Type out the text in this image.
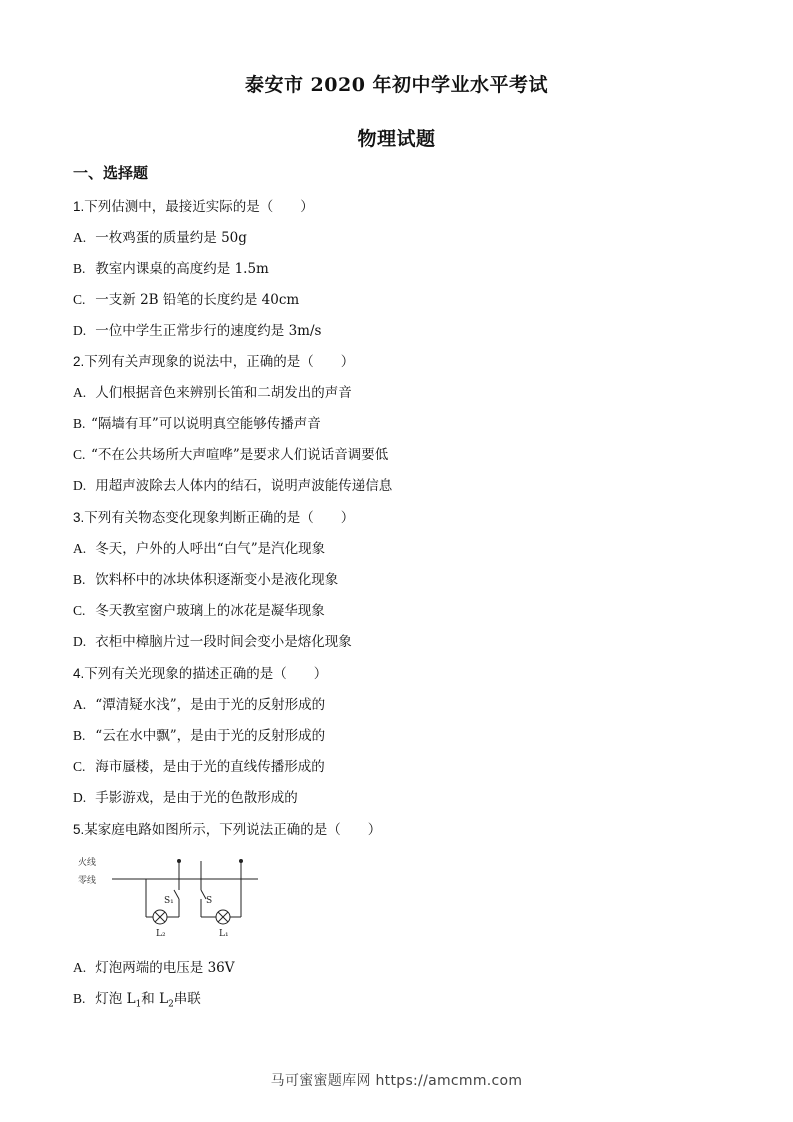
泰安市 2020 年初中学业水平考试
物理试题
一、选择题
1.下列估测中，最接近实际的是（　　）
A. 一枚鸡蛋的质量约是 50g
B. 教室内课桌的高度约是 1.5m
C. 一支新 2B 铅笔的长度约是 40cm
D. 一位中学生正常步行的速度约是 3m/s
2.下列有关声现象的说法中，正确的是（　　）
A. 人们根据音色来辨别长笛和二胡发出的声音
B. “隔墙有耳”可以说明真空能够传播声音
C. “不在公共场所大声喧哗”是要求人们说话音调要低
D. 用超声波除去人体内的结石，说明声波能传递信息
3.下列有关物态变化现象判断正确的是（　　）
A. 冬天，户外的人呼出“白气”是汽化现象
B. 饮料杯中的冰块体积逐渐变小是液化现象
C. 冬天教室窗户玻璃上的冰花是凝华现象
D. 衣柜中樟脑片过一段时间会变小是熔化现象
4.下列有关光现象的描述正确的是（　　）
A. “潭清疑水浅”，是由于光的反射形成的
B. “云在水中飘”，是由于光的反射形成的
C. 海市蜃楼，是由于光的直线传播形成的
D. 手影游戏，是由于光的色散形成的
5.某家庭电路如图所示，下列说法正确的是（　　）
火线
零线
S₁
L₂
S
L₁
A. 灯泡两端的电压是 36V
B. 灯泡 $L_1$和 $L_2$串联
马可蜜蜜题库网 https://amcmm.com
